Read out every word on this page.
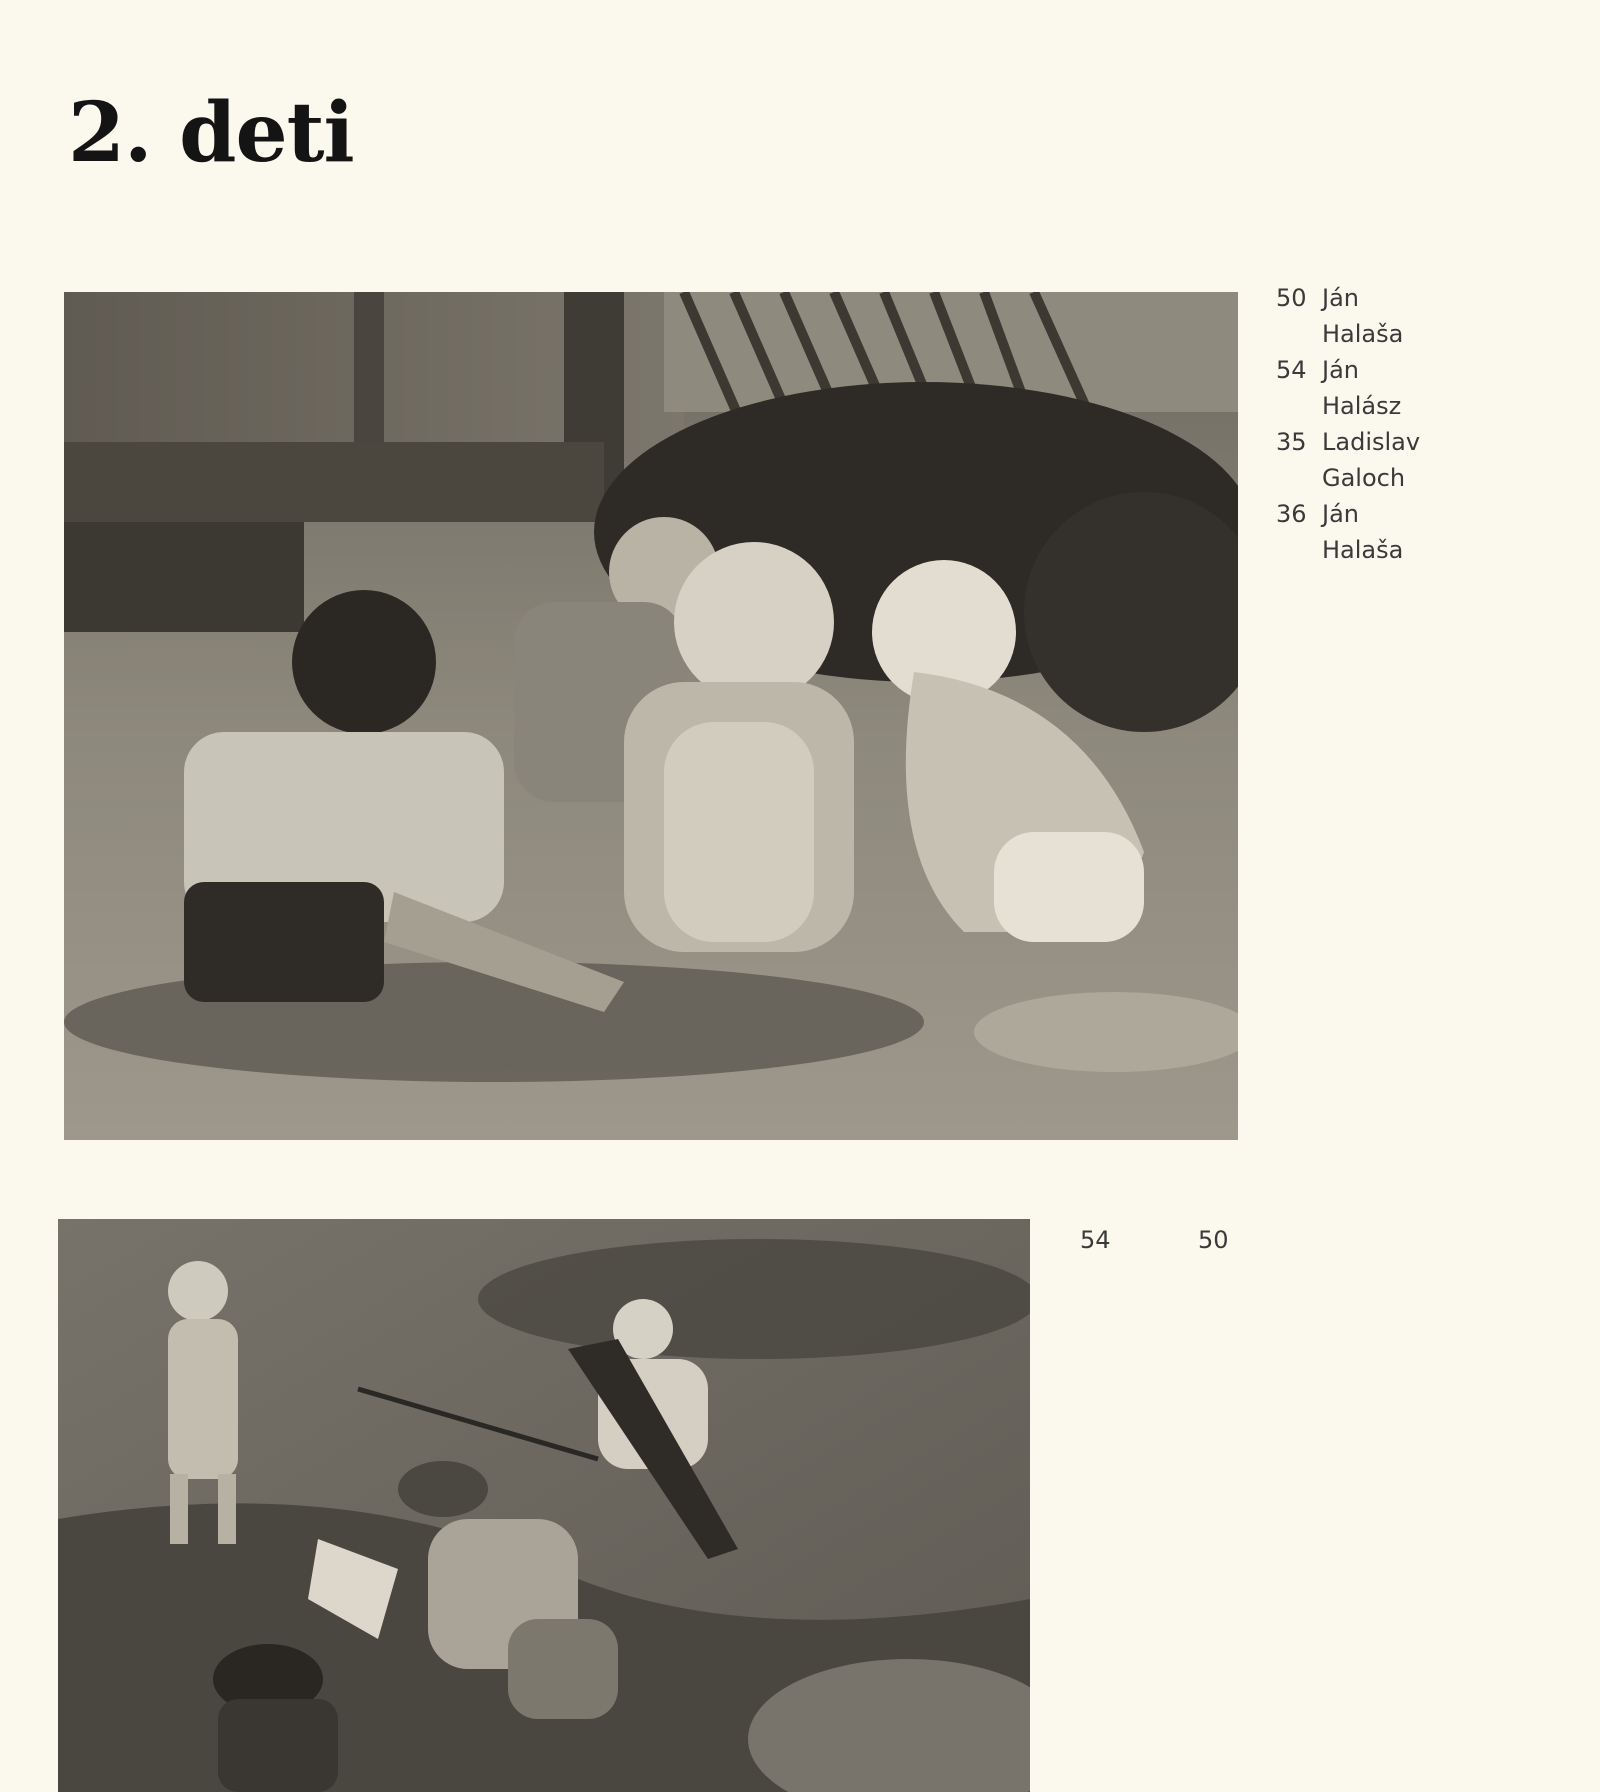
2. deti
50 Ján
Halaša
54 Ján
Halász
35 Ladislav
Galoch
36 Ján
Halaša
54	50
